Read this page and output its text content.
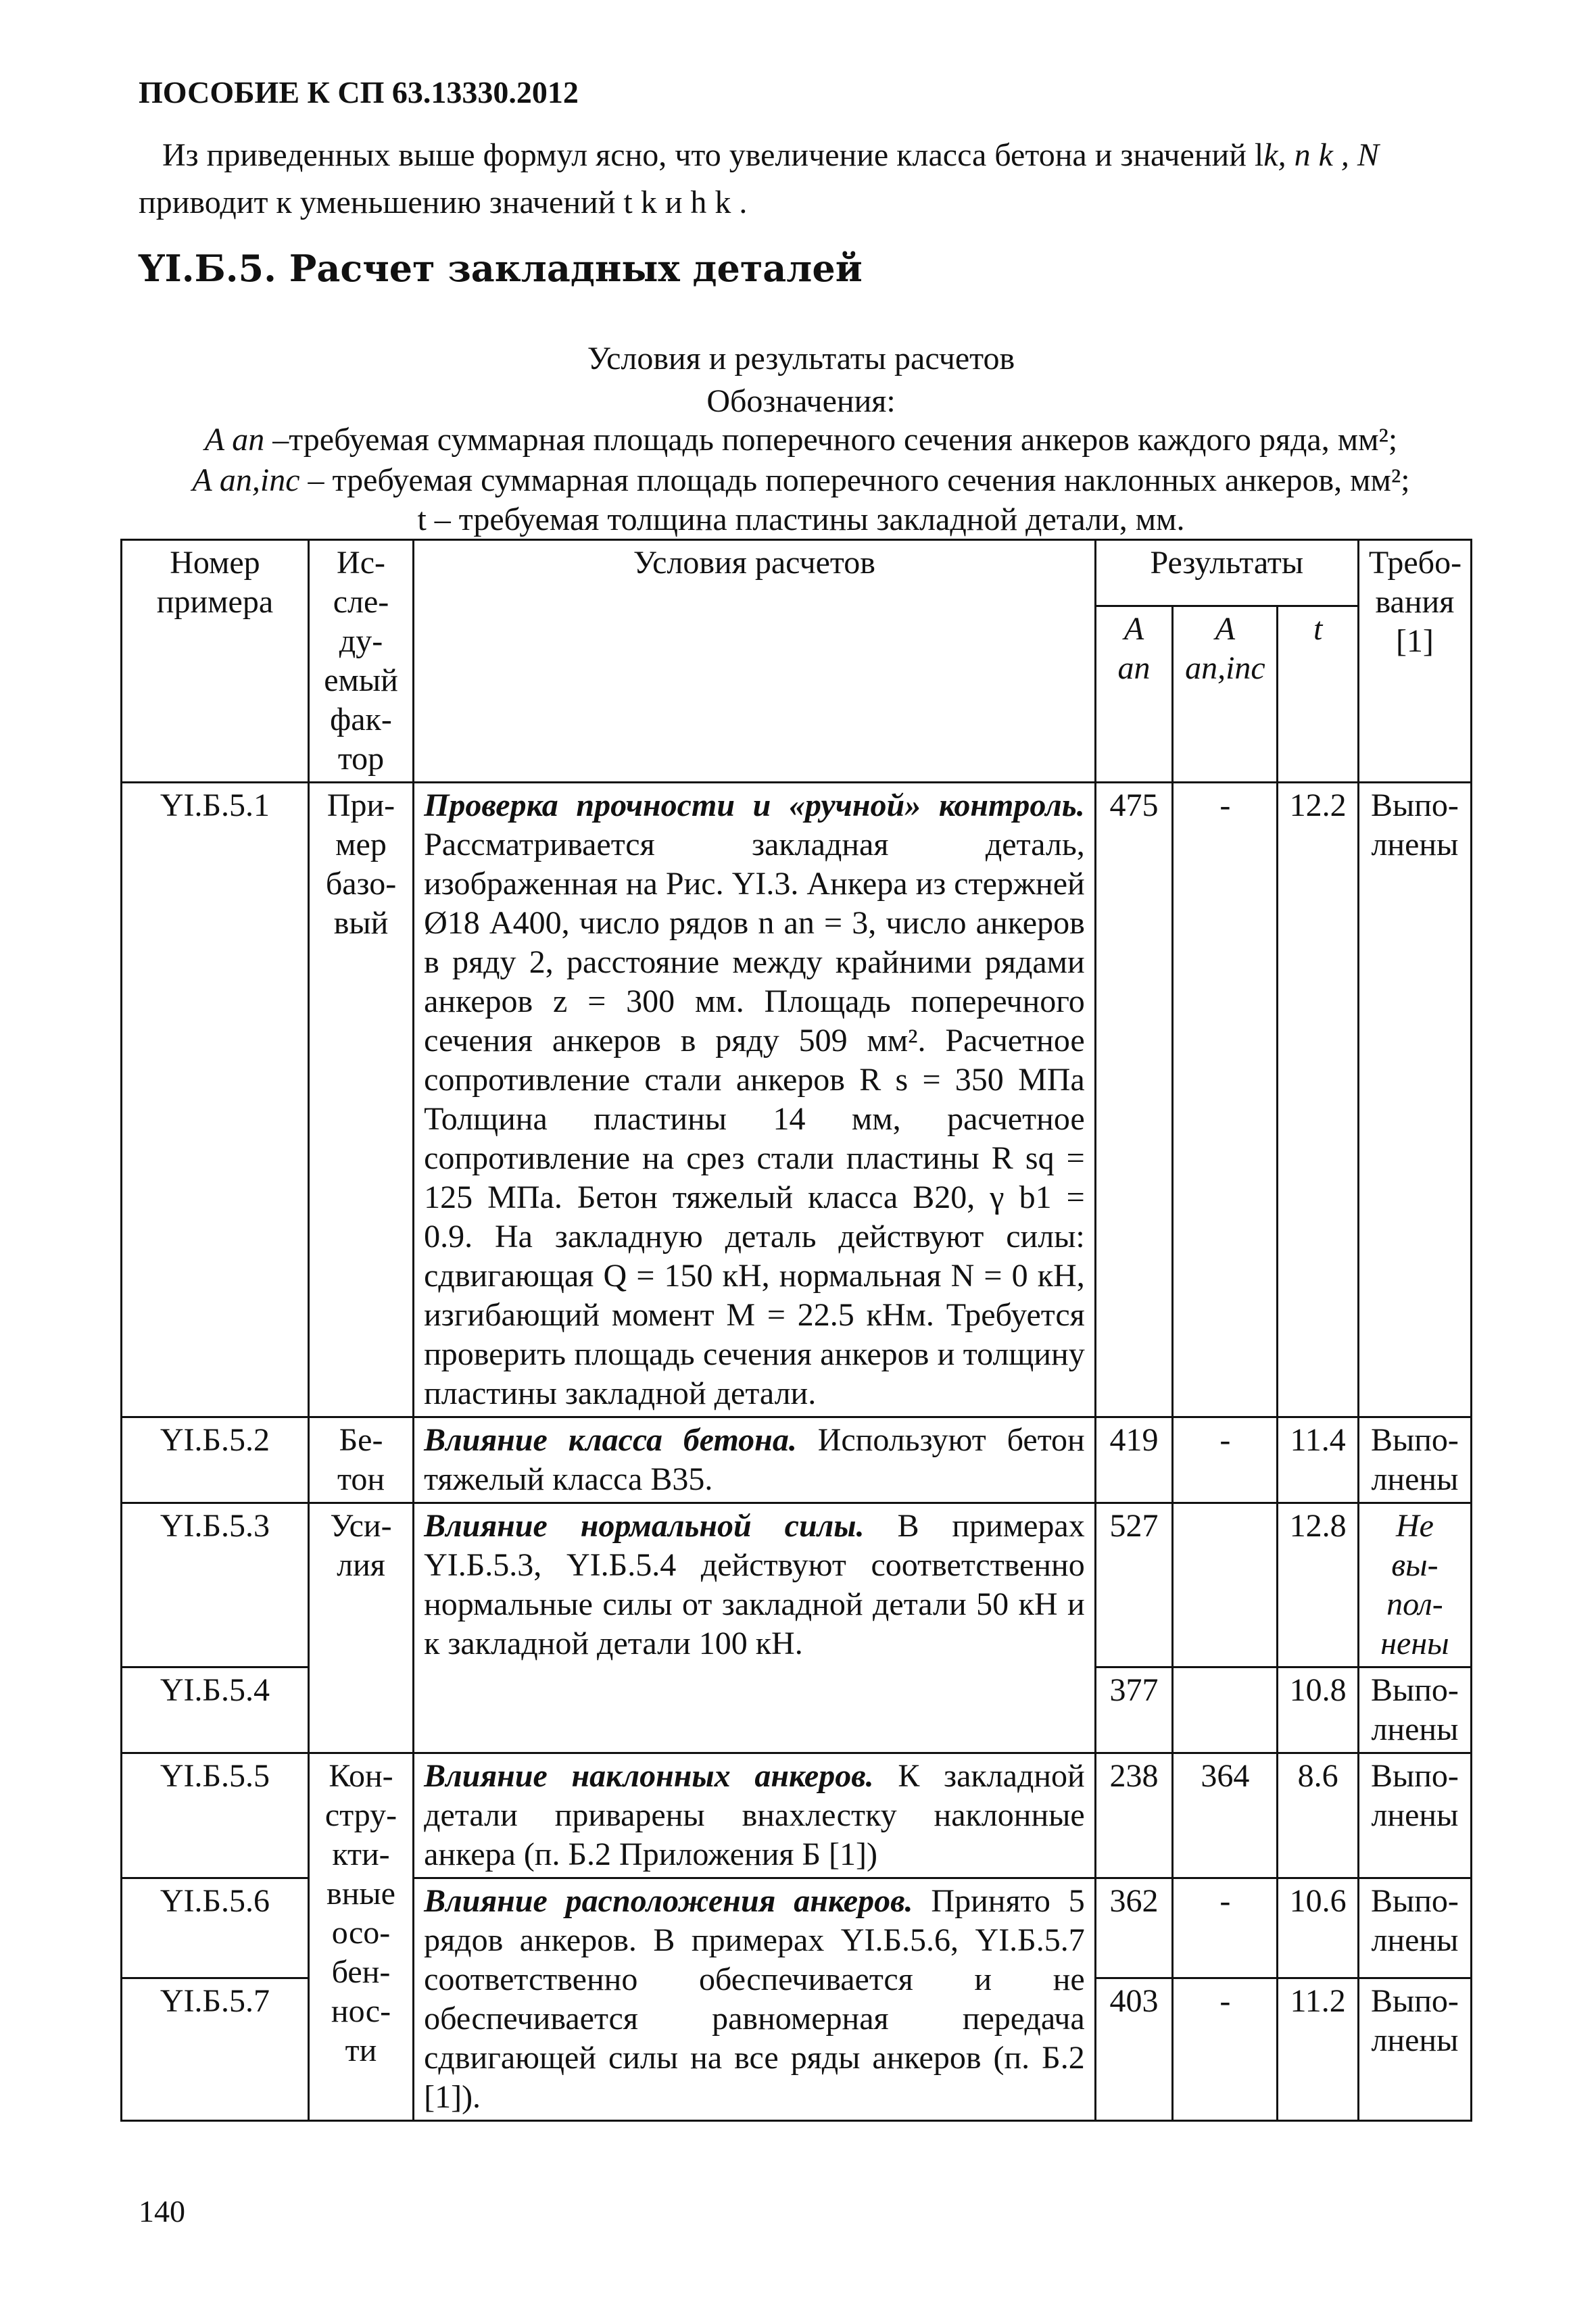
ПОСОБИЕ К СП 63.13330.2012
Из приведенных выше формул ясно, что увеличение класса бетона и значений lk, n k , N
приводит к уменьшению значений t k и h k .
YI.Б.5. Расчет закладных деталей
Условия и результаты расчетов
Обозначения:
A an –требуемая суммарная площадь поперечного сечения анкеров каждого ряда, мм²;
A an,inc – требуемая суммарная площадь поперечного сечения наклонных анкеров, мм²;
t – требуемая толщина пластины закладной детали, мм.
Номер примера	Ис-сле-ду-емый фак-тор	Условия расчетов	Результаты			Требо-вания [1]
			A an	A an,inc	t	
YI.Б.5.1	При-мер базо-вый	Проверка прочности и «ручной» контроль. Рассматривается закладная деталь, изображенная на Рис. YI.3. Анкера из стержней Ø18 А400, число рядов n an = 3, число анкеров в ряду 2, расстояние между крайними рядами анкеров z = 300 мм. Площадь поперечного сечения анкеров в ряду 509 мм². Расчетное сопротивление стали анкеров R s = 350 МПа Толщина пластины 14 мм, расчетное сопротивление на срез стали пластины R sq = 125 МПа. Бетон тяжелый класса В20, γ b1 = 0.9. На закладную деталь действуют силы: сдвигающая Q = 150 кН, нормальная N = 0 кН, изгибающий момент M = 22.5 кНм. Требуется проверить площадь сечения анкеров и толщину пластины закладной детали.	475	-	12.2	Выпо-лнены
YI.Б.5.2	Бе-тон	Влияние класса бетона. Используют бетон тяжелый класса В35.	419	-	11.4	Выпо-лнены
YI.Б.5.3	Уси-лия	Влияние нормальной силы. В примерах YI.Б.5.3, YI.Б.5.4 действуют соответственно нормальные силы от закладной детали 50 кН и к закладной детали 100 кН.	527		12.8	Не вы-пол-нены
YI.Б.5.4			377		10.8	Выпо-лнены
YI.Б.5.5	Кон-стру-кти-вные осо-бен-нос-ти	Влияние наклонных анкеров. К закладной детали приварены внахлестку наклонные анкера (п. Б.2 Приложения Б [1])	238	364	8.6	Выпо-лнены
YI.Б.5.6		Влияние расположения анкеров. Принято 5 рядов анкеров. В примерах YI.Б.5.6, YI.Б.5.7 соответственно обеспечивается и не обеспечивается равномерная передача сдвигающей силы на все ряды анкеров (п. Б.2 [1]).	362	-	10.6	Выпо-лнены
YI.Б.5.7			403	-	11.2	Выпо-лнены
140
